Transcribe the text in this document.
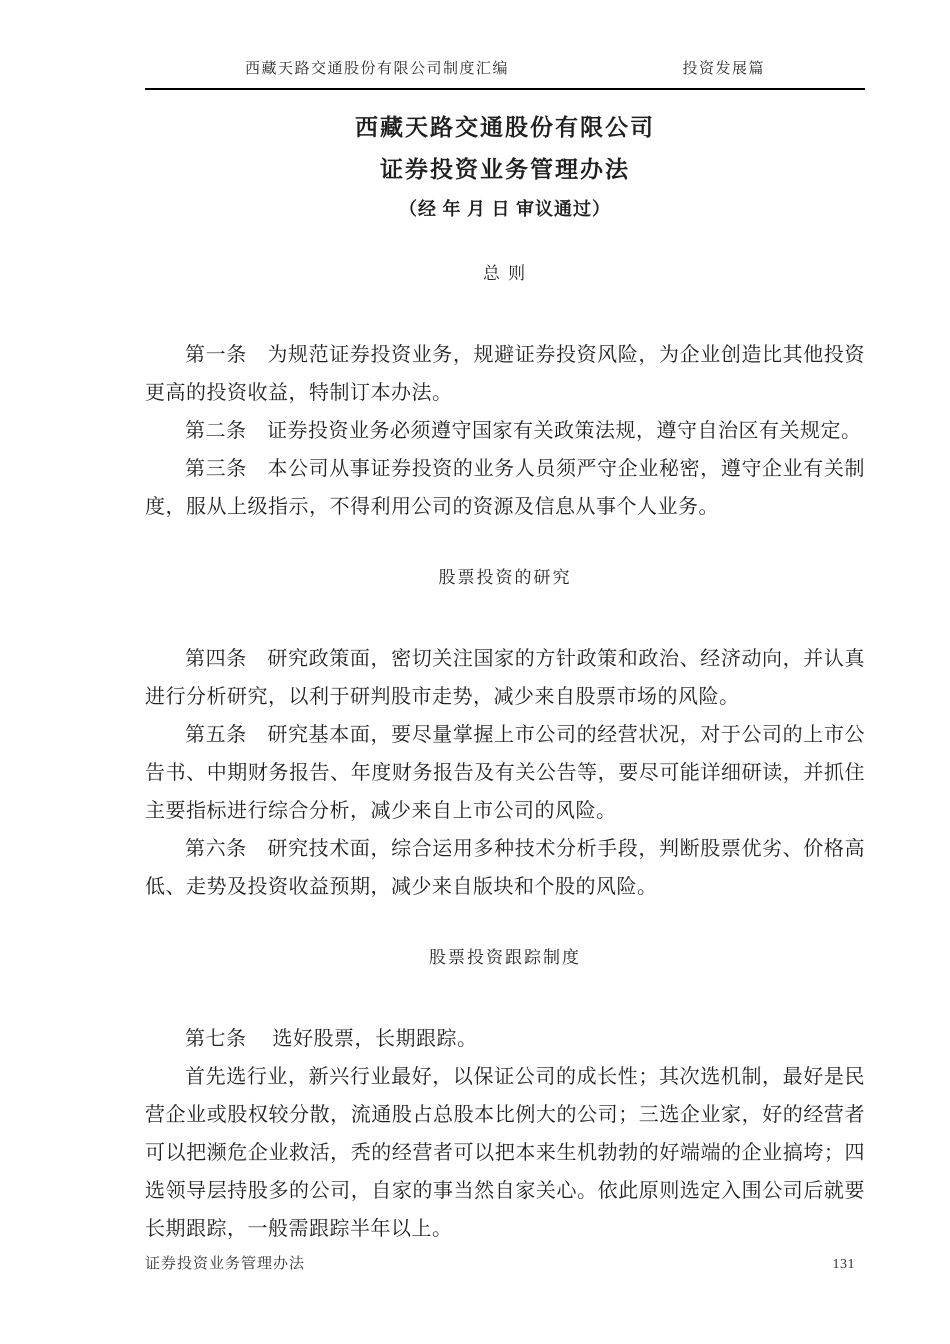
西藏天路交通股份有限公司制度汇编	投资发展篇
西藏天路交通股份有限公司
证券投资业务管理办法
（经 年 月 日 审议通过）
总 则

第一条　为规范证券投资业务，规避证券投资风险，为企业创造比其他投资更高的投资收益，特制订本办法。

第二条　证券投资业务必须遵守国家有关政策法规，遵守自治区有关规定。

第三条　本公司从事证券投资的业务人员须严守企业秘密，遵守企业有关制度，服从上级指示，不得利用公司的资源及信息从事个人业务。

股票投资的研究

第四条　研究政策面，密切关注国家的方针政策和政治、经济动向，并认真进行分析研究，以利于研判股市走势，减少来自股票市场的风险。

第五条　研究基本面，要尽量掌握上市公司的经营状况，对于公司的上市公告书、中期财务报告、年度财务报告及有关公告等，要尽可能详细研读，并抓住主要指标进行综合分析，减少来自上市公司的风险。

第六条　研究技术面，综合运用多种技术分析手段，判断股票优劣、价格高低、走势及投资收益预期，减少来自版块和个股的风险。

股票投资跟踪制度

第七条　 选好股票，长期跟踪。

首先选行业，新兴行业最好，以保证公司的成长性；其次选机制，最好是民营企业或股权较分散，流通股占总股本比例大的公司；三选企业家，好的经营者可以把濒危企业救活，秃的经营者可以把本来生机勃勃的好端端的企业搞垮；四选领导层持股多的公司，自家的事当然自家关心。依此原则选定入围公司后就要长期跟踪，一般需跟踪半年以上。

证券投资业务管理办法	131
